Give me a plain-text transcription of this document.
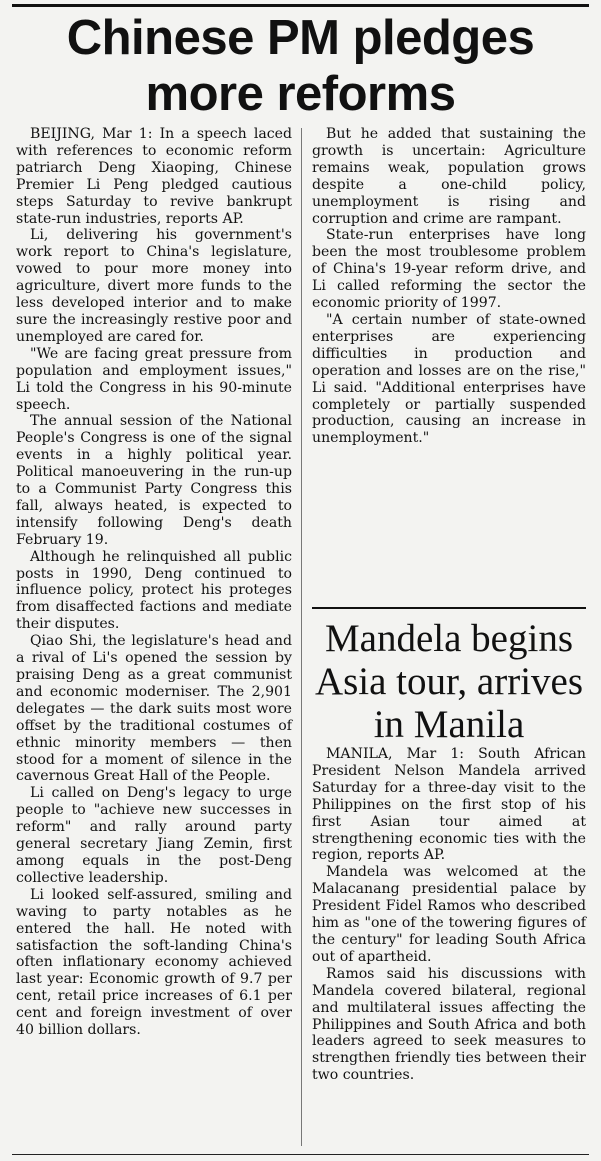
Chinese PM pledges more reforms

BEIJING, Mar 1: In a speech laced with references to economic reform patriarch Deng Xiaoping, Chinese Premier Li Peng pledged cautious steps Saturday to revive bankrupt state-run industries, reports AP.

Li, delivering his government's work report to China's legislature, vowed to pour more money into agriculture, divert more funds to the less developed interior and to make sure the increasingly restive poor and unemployed are cared for.

"We are facing great pressure from population and employment issues," Li told the Congress in his 90-minute speech.

The annual session of the National People's Congress is one of the signal events in a highly political year. Political manoeuvering in the run-up to a Communist Party Congress this fall, always heated, is expected to intensify following Deng's death February 19.

Although he relinquished all public posts in 1990, Deng continued to influence policy, protect his proteges from disaffected factions and mediate their disputes.

Qiao Shi, the legislature's head and a rival of Li's opened the session by praising Deng as a great communist and economic moderniser. The 2,901 delegates — the dark suits most wore offset by the traditional costumes of ethnic minority members — then stood for a moment of silence in the cavernous Great Hall of the People.

Li called on Deng's legacy to urge people to "achieve new successes in reform" and rally around party general secretary Jiang Zemin, first among equals in the post-Deng collective leadership.

Li looked self-assured, smiling and waving to party notables as he entered the hall. He noted with satisfaction the soft-landing China's often inflationary economy achieved last year: Economic growth of 9.7 per cent, retail price increases of 6.1 per cent and foreign investment of over 40 billion dollars.

But he added that sustaining the growth is uncertain: Agriculture remains weak, population grows despite a one-child policy, unemployment is rising and corruption and crime are rampant.

State-run enterprises have long been the most troublesome problem of China's 19-year reform drive, and Li called reforming the sector the economic priority of 1997.

"A certain number of state-owned enterprises are experiencing difficulties in production and operation and losses are on the rise," Li said. "Additional enterprises have completely or partially suspended production, causing an increase in unemployment."

Mandela begins Asia tour, arrives in Manila

MANILA, Mar 1: South African President Nelson Mandela arrived Saturday for a three-day visit to the Philippines on the first stop of his first Asian tour aimed at strengthening economic ties with the region, reports AP.

Mandela was welcomed at the Malacanang presidential palace by President Fidel Ramos who described him as "one of the towering figures of the century" for leading South Africa out of apartheid.

Ramos said his discussions with Mandela covered bilateral, regional and multilateral issues affecting the Philippines and South Africa and both leaders agreed to seek measures to strengthen friendly ties between their two countries.
